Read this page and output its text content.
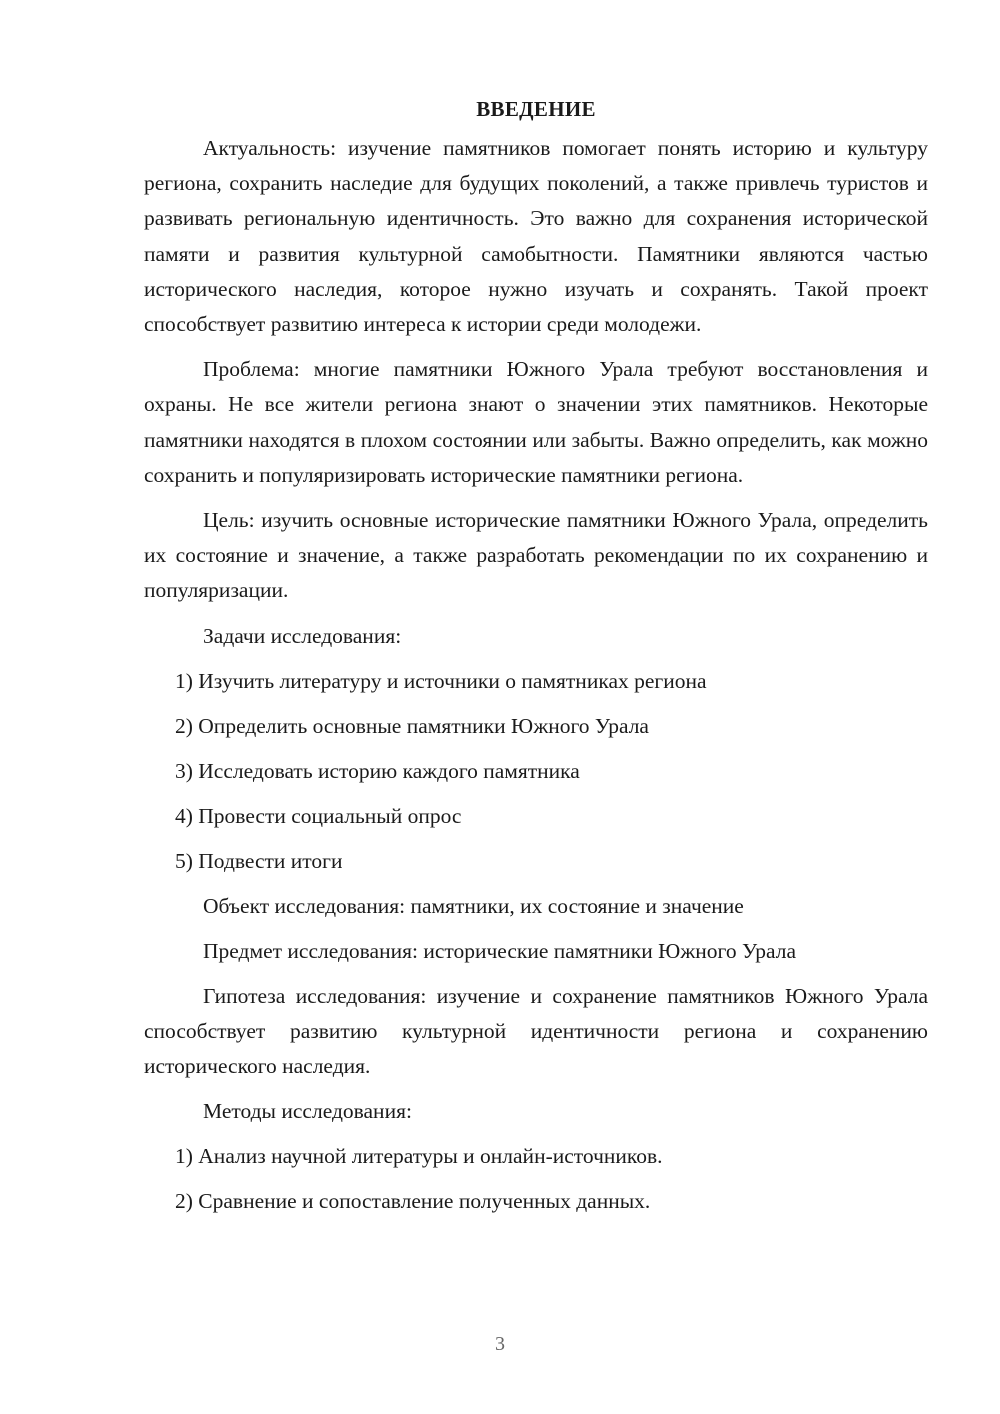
ВВЕДЕНИЕ

Актуальность: изучение памятников помогает понять историю и культуру региона, сохранить наследие для будущих поколений, а также привлечь туристов и развивать региональную идентичность. Это важно для сохранения исторической памяти и развития культурной самобытности. Памятники являются частью исторического наследия, которое нужно изучать и сохранять. Такой проект способствует развитию интереса к истории среди молодежи.

Проблема: многие памятники Южного Урала требуют восстановления и охраны. Не все жители региона знают о значении этих памятников. Некоторые памятники находятся в плохом состоянии или забыты. Важно определить, как можно сохранить и популяризировать исторические памятники региона.

Цель: изучить основные исторические памятники Южного Урала, определить их состояние и значение, а также разработать рекомендации по их сохранению и популяризации.

Задачи исследования:
1) Изучить литературу и источники о памятниках региона
2) Определить основные памятники Южного Урала
3) Исследовать историю каждого памятника
4) Провести социальный опрос
5) Подвести итоги
Объект исследования: памятники, их состояние и значение
Предмет исследования: исторические памятники Южного Урала

Гипотеза исследования: изучение и сохранение памятников Южного Урала способствует развитию культурной идентичности региона и сохранению исторического наследия.

Методы исследования:
1) Анализ научной литературы и онлайн-источников.
2) Сравнение и сопоставление полученных данных.
3
